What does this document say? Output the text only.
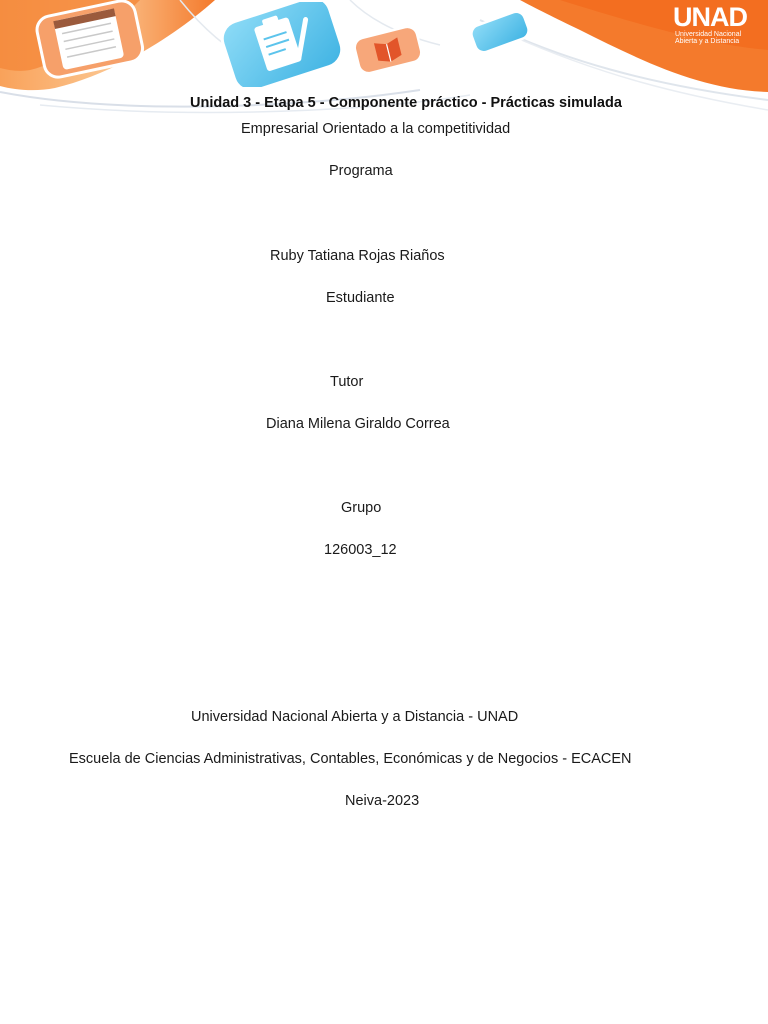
UNAD
Universidad Nacional
Abierta y a Distancia
Unidad 3 - Etapa 5 - Componente práctico - Prácticas simulada
Empresarial Orientado a la competitividad
Programa
Ruby Tatiana Rojas Riaños
Estudiante
Tutor
Diana Milena Giraldo Correa
Grupo
126003_12
Universidad Nacional Abierta y a Distancia - UNAD
Escuela de Ciencias Administrativas, Contables, Económicas y de Negocios - ECACEN
Neiva-2023
